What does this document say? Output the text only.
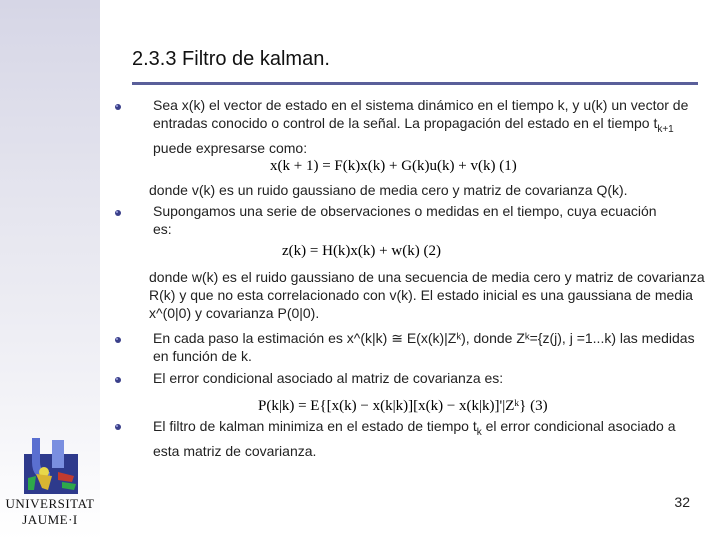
UNIVERSITAT
JAUME·I
2.3.3 Filtro de kalman.
Sea x(k) el vector de estado en el sistema dinámico en el tiempo k, y u(k) un vector de entradas conocido o control de la señal. La propagación del estado en el tiempo $t_{k+1}$ puede expresarse como:
x(k + 1) = F(k)x(k) + G(k)u(k) + v(k) (1)
donde v(k) es un ruido gaussiano de media cero y matriz de covarianza Q(k).
Supongamos una serie de observaciones o medidas en el tiempo, cuya ecuación es:
z(k) = H(k)x(k) + w(k) (2)
donde w(k) es el ruido gaussiano de una secuencia de media cero y matriz de covarianza R(k) y que no esta correlacionado con v(k). El estado inicial es una gaussiana de media x^(0|0) y covarianza P(0|0).
En cada paso la estimación es x^(k|k) ≅ E(x(k)|Zᵏ), donde Zᵏ={z(j), j =1...k) las medidas en función de k.
El error condicional asociado al matriz de covarianza es:
P(k|k) = E{[x(k) − x(k|k)][x(k) − x(k|k)]'|Zᵏ} (3)
El filtro de kalman minimiza en el estado de tiempo $t_k$ el error condicional asociado a esta matriz de covarianza.
32
